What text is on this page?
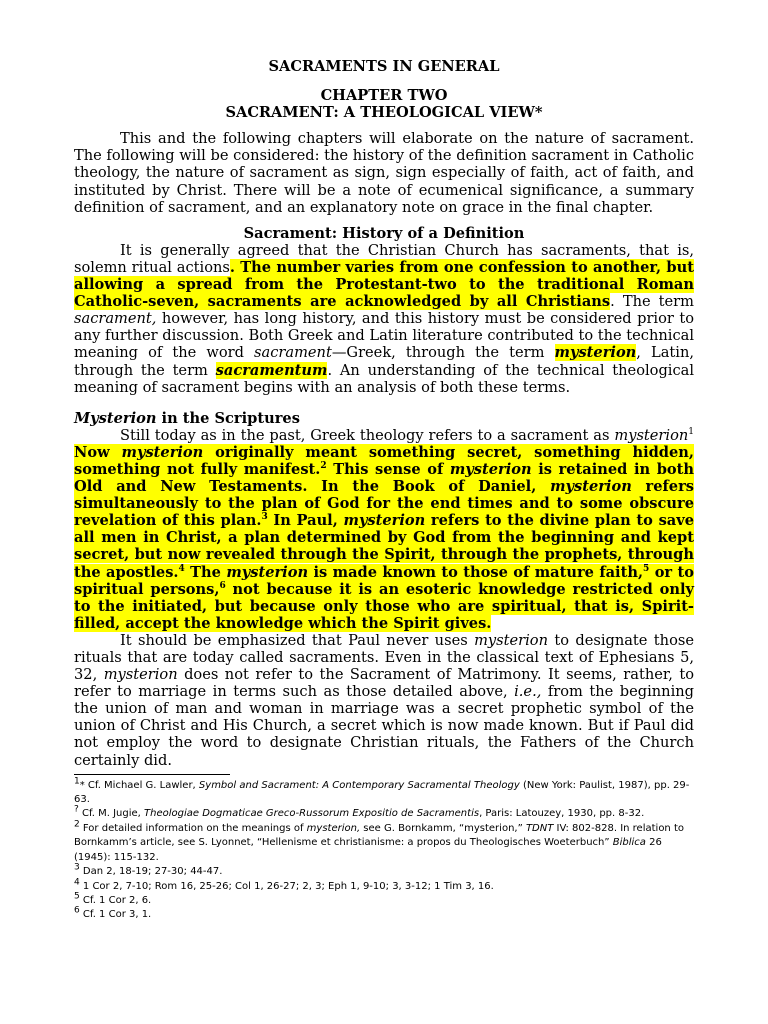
SACRAMENTS IN GENERAL

CHAPTER TWO

SACRAMENT: A THEOLOGICAL VIEW*

This and the following chapters will elaborate on the nature of sacrament. The following will be considered: the history of the definition sacrament in Catholic theology, the nature of sacrament as sign, sign especially of faith, act of faith, and instituted by Christ. There will be a note of ecumenical significance, a summary definition of sacrament, and an explanatory note on grace in the final chapter.

Sacrament: History of a Definition

It is generally agreed that the Christian Church has sacraments, that is, solemn ritual actions. The number varies from one confession to another, but allowing a spread from the Protestant-two to the traditional Roman Catholic-seven, sacraments are acknowledged by all Christians. The term sacrament, however, has long history, and this history must be considered prior to any further discussion. Both Greek and Latin literature contributed to the technical meaning of the word sacrament—Greek, through the term mysterion, Latin, through the term sacramentum. An understanding of the technical theological meaning of sacrament begins with an analysis of both these terms.

Mysterion in the Scriptures

Still today as in the past, Greek theology refers to a sacrament as mysterion$^1$ Now mysterion originally meant something secret, something hidden, something not fully manifest.$^2$ This sense of mysterion is retained in both Old and New Testaments. In the Book of Daniel, mysterion refers simultaneously to the plan of God for the end times and to some obscure revelation of this plan.$^3$ In Paul, mysterion refers to the divine plan to save all men in Christ, a plan determined by God from the beginning and kept secret, but now revealed through the Spirit, through the prophets, through the apostles.$^4$ The mysterion is made known to those of mature faith,$^5$ or to spiritual persons,$^6$ not because it is an esoteric knowledge restricted only to the initiated, but because only those who are spiritual, that is, Spirit-filled, accept the knowledge which the Spirit gives.

It should be emphasized that Paul never uses mysterion to designate those rituals that are today called sacraments. Even in the classical text of Ephesians 5, 32, mysterion does not refer to the Sacrament of Matrimony. It seems, rather, to refer to marriage in terms such as those detailed above, i.e., from the beginning the union of man and woman in marriage was a secret prophetic symbol of the union of Christ and His Church, a secret which is now made known. But if Paul did not employ the word to designate Christian rituals, the Fathers of the Church certainly did.

$^1$* Cf. Michael G. Lawler, Symbol and Sacrament: A Contemporary Sacramental Theology (New York: Paulist, 1987), pp. 29-63.

? Cf. M. Jugie, Theologiae Dogmaticae Greco-Russorum Expositio de Sacramentis, Paris: Latouzey, 1930, pp. 8-32.

$^2$ For detailed information on the meanings of mysterion, see G. Bornkamm, “mysterion,” TDNT IV: 802-828. In relation to Bornkamm’s article, see S. Lyonnet, “Hellenisme et christianisme: a propos du Theologisches Woeterbuch” Biblica 26 (1945): 115-132.

$^3$ Dan 2, 18-19; 27-30; 44-47.

$^4$ 1 Cor 2, 7-10; Rom 16, 25-26; Col 1, 26-27; 2, 3; Eph 1, 9-10; 3, 3-12; 1 Tim 3, 16.

$^5$ Cf. 1 Cor 2, 6.

$^6$ Cf. 1 Cor 3, 1.
